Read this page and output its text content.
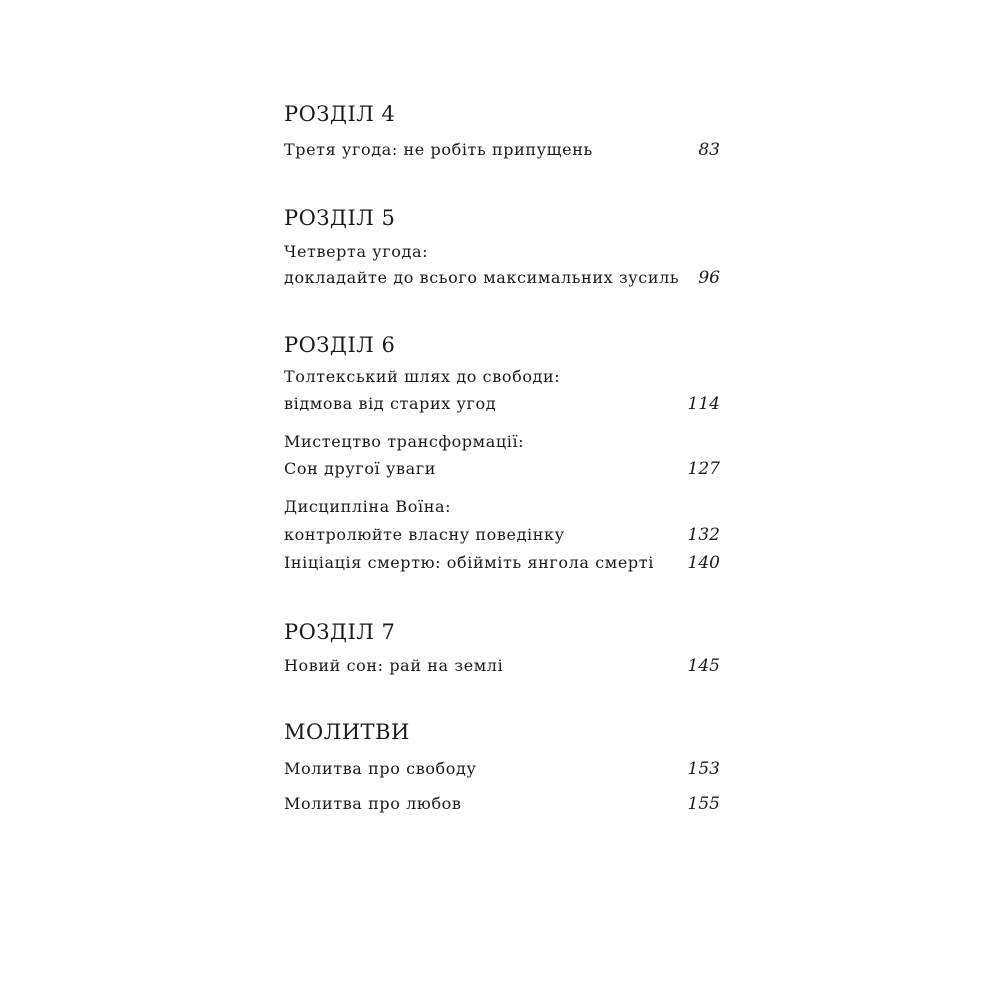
РОЗДІЛ 4
Третя угода: не робіть припущень	83
РОЗДІЛ 5
Четверта угода:
докладайте до всього максимальних зусиль 96
РОЗДІЛ 6
Толтекський шлях до свободи:
відмова від старих угод	114
Мистецтво трансформації:
Сон другої уваги	127
Дисципліна Воїна:
контролюйте власну поведінку	132
Ініціація смертю: обійміть янгола смерті 140
РОЗДІЛ 7
Новий сон: рай на землі	145
МОЛИТВИ
Молитва про свободу	153
Молитва про любов	155
